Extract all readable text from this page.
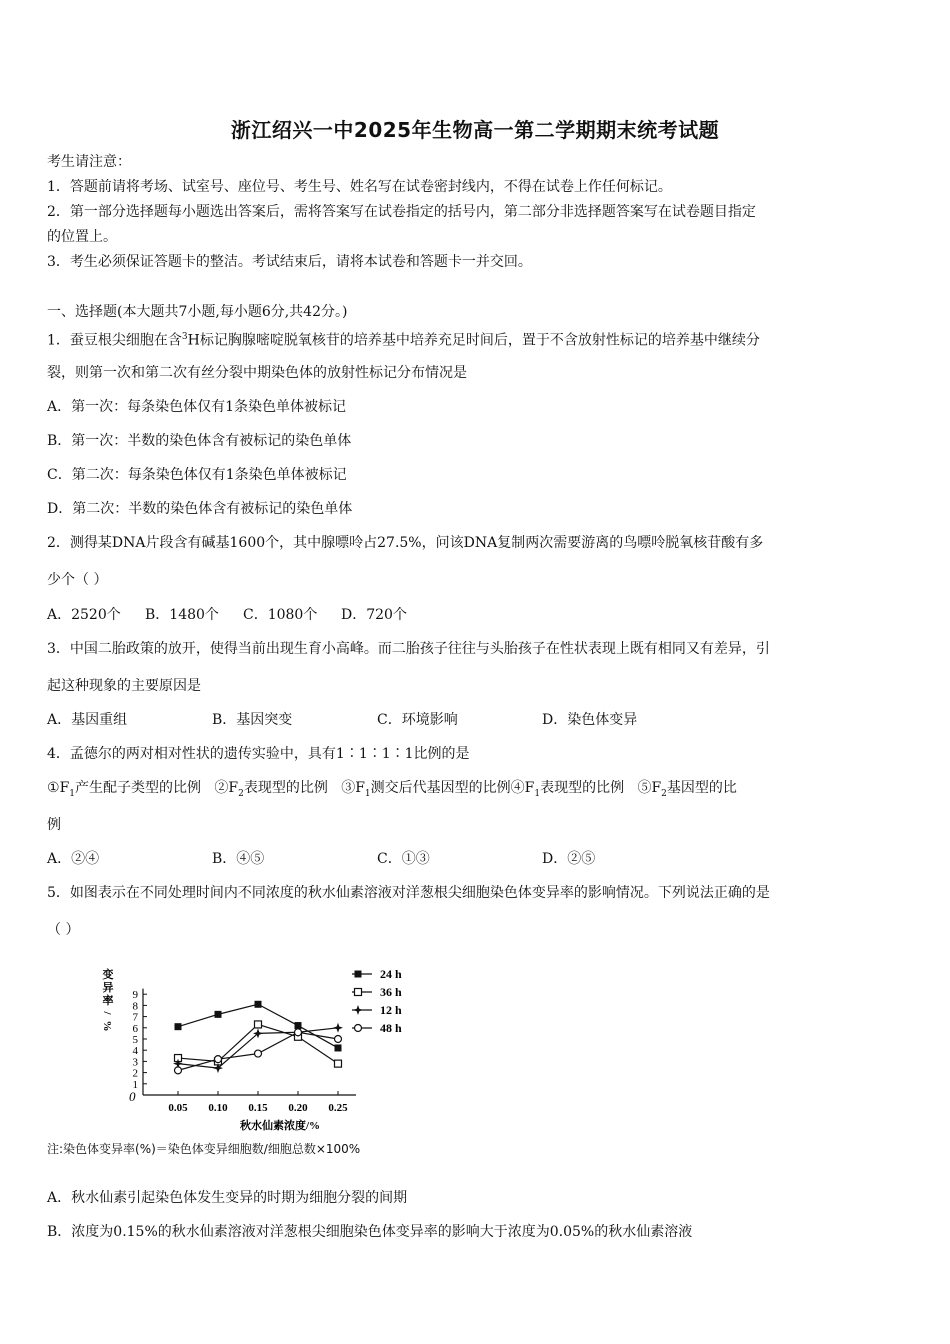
浙江绍兴一中2025年生物高一第二学期期末统考试题
考生请注意：
1．答题前请将考场、试室号、座位号、考生号、姓名写在试卷密封线内，不得在试卷上作任何标记。
2．第一部分选择题每小题选出答案后，需将答案写在试卷指定的括号内，第二部分非选择题答案写在试卷题目指定
的位置上。
3．考生必须保证答题卡的整洁。考试结束后，请将本试卷和答题卡一并交回。
一、选择题(本大题共7小题,每小题6分,共42分。)
1．蚕豆根尖细胞在含$^3$H标记胸腺嘧啶脱氧核苷的培养基中培养充足时间后，置于不含放射性标记的培养基中继续分
裂，则第一次和第二次有丝分裂中期染色体的放射性标记分布情况是
A．第一次：每条染色体仅有1条染色单体被标记
B．第一次：半数的染色体含有被标记的染色单体
C．第二次：每条染色体仅有1条染色单体被标记
D．第二次：半数的染色体含有被标记的染色单体
2．测得某DNA片段含有碱基1600个，其中腺嘌呤占27.5%，问该DNA复制两次需要游离的鸟嘌呤脱氧核苷酸有多
少个（ ）
A．2520个 B．1480个 C．1080个 D．720个
3．中国二胎政策的放开，使得当前出现生育小高峰。而二胎孩子往往与头胎孩子在性状表现上既有相同又有差异，引
起这种现象的主要原因是
A．基因重组	B．基因突变	C．环境影响	D．染色体变异
4．孟德尔的两对相对性状的遗传实验中，具有1∶1∶1∶1比例的是
$①F_1$产生配子类型的比例 $②F_2$表现型的比例 $③F_1$测交后代基因型的比例$④F_1$表现型的比例 $⑤F_2$基因型的比
例
A．②④	B．④⑤	C．①③	D．②⑤
5．如图表示在不同处理时间内不同浓度的秋水仙素溶液对洋葱根尖细胞染色体变异率的影响情况。下列说法正确的是
（ ）
0
1
2
3
4
5
6
7
8
9
0.05 0.10 0.15 0.20 0.25
秋水仙素浓度/%
变
异
率
/
%
24 h
36 h
12 h
48 h
注:染色体变异率(%)＝染色体变异细胞数/细胞总数×100%
A．秋水仙素引起染色体发生变异的时期为细胞分裂的间期
B．浓度为0.15%的秋水仙素溶液对洋葱根尖细胞染色体变异率的影响大于浓度为0.05%的秋水仙素溶液
